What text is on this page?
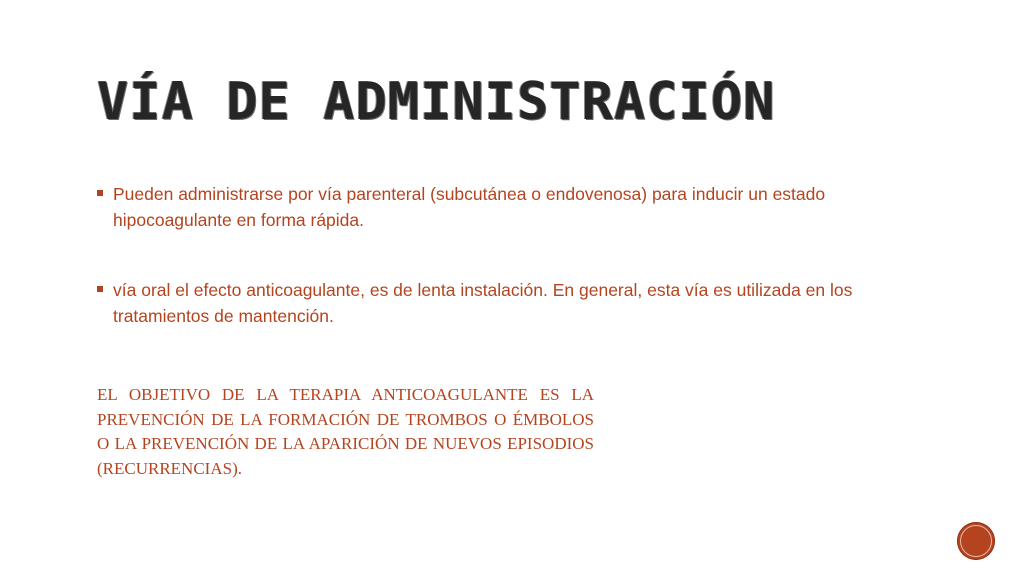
VÍA DE ADMINISTRACIÓN
Pueden administrarse por vía parenteral (subcutánea o endovenosa) para inducir un estado hipocoagulante en forma rápida.
vía oral el efecto anticoagulante, es de lenta instalación. En general, esta vía es utilizada en los tratamientos de mantención.

EL OBJETIVO DE LA TERAPIA ANTICOAGULANTE ES LA PREVENCIÓN DE LA FORMACIÓN DE TROMBOS O ÉMBOLOS O LA PREVENCIÓN DE LA APARICIÓN DE NUEVOS EPISODIOS (RECURRENCIAS).
